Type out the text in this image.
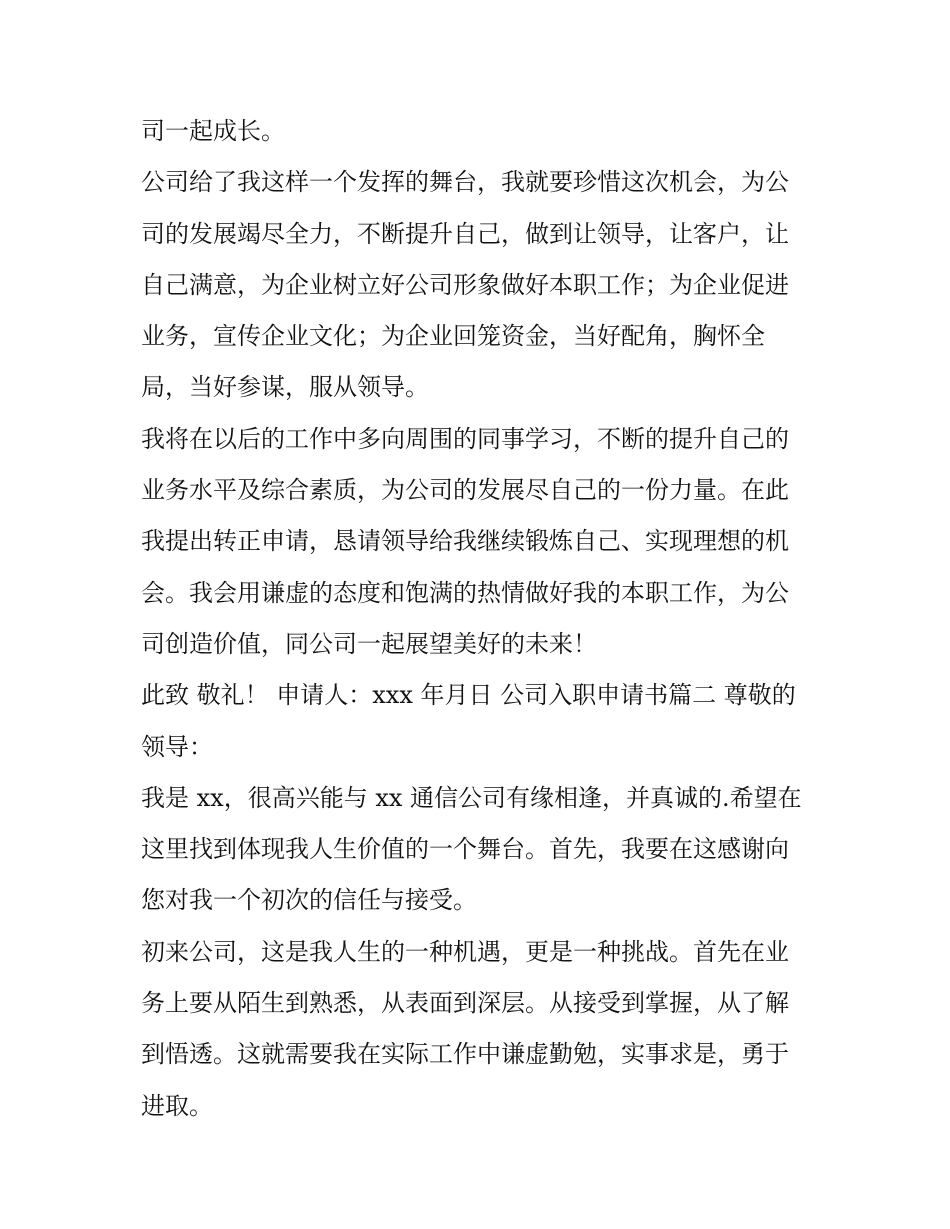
司一起成长。
公司给了我这样一个发挥的舞台，我就要珍惜这次机会，为公
司的发展竭尽全力，不断提升自己，做到让领导，让客户，让
自己满意，为企业树立好公司形象做好本职工作；为企业促进
业务，宣传企业文化；为企业回笼资金，当好配角，胸怀全
局，当好参谋，服从领导。
我将在以后的工作中多向周围的同事学习，不断的提升自己的
业务水平及综合素质，为公司的发展尽自己的一份力量。在此
我提出转正申请，恳请领导给我继续锻炼自己、实现理想的机
会。我会用谦虚的态度和饱满的热情做好我的本职工作，为公
司创造价值，同公司一起展望美好的未来！
此致 敬礼！ 申请人：xxx 年月日 公司入职申请书篇二 尊敬的
领导：
我是 xx，很高兴能与 xx 通信公司有缘相逢，并真诚的.希望在
这里找到体现我人生价值的一个舞台。首先，我要在这感谢向
您对我一个初次的信任与接受。
初来公司，这是我人生的一种机遇，更是一种挑战。首先在业
务上要从陌生到熟悉，从表面到深层。从接受到掌握，从了解
到悟透。这就需要我在实际工作中谦虚勤勉，实事求是，勇于
进取。
